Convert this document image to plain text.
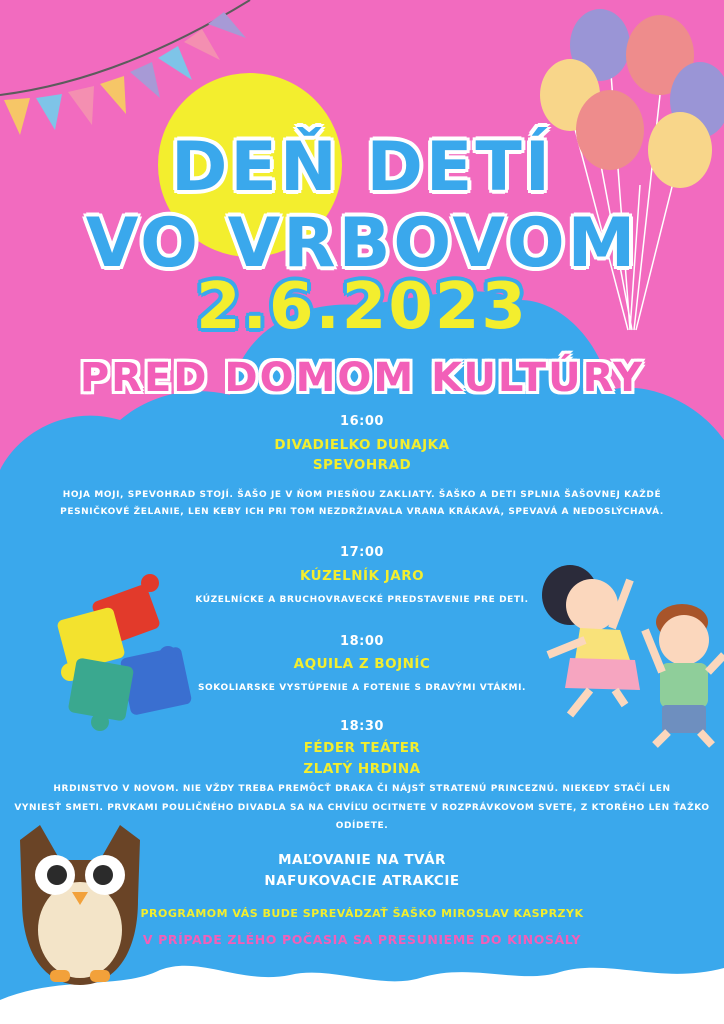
DEŇ DETÍ
VO VRBOVOM
2.6.2023
PRED DOMOM KULTÚRY
16:00
DIVADIELKO DUNAJKA
SPEVOHRAD
HOJA MOJI, SPEVOHRAD STOJÍ. ŠAŠO JE V ŇOM PIESŇOU ZAKLIATY. ŠAŠKO A DETI SPLNIA ŠAŠOVNEJ KAŽDÉ
PESNIČKOVÉ ŽELANIE, LEN KEBY ICH PRI TOM NEZDRŽIAVALA VRANA KRÁKAVÁ, SPEVAVÁ A NEDOSLÝCHAVÁ.
17:00
KÚZELNÍK JARO
KÚZELNÍCKE A BRUCHOVRAVECKÉ PREDSTAVENIE PRE DETI.
18:00
AQUILA Z BOJNÍC
SOKOLIARSKE VYSTÚPENIE A FOTENIE S DRAVÝMI VTÁKMI.
18:30
FÉDER TEÁTER
ZLATÝ HRDINA
HRDINSTVO V NOVOM. NIE VŽDY TREBA PREMÔCŤ DRAKA ČI NÁJSŤ STRATENÚ PRINCEZNÚ. NIEKEDY STAČÍ LEN
VYNIESŤ SMETI. PRVKAMI POULIČNÉHO DIVADLA SA NA CHVÍĽU OCITNETE V ROZPRÁVKOVOM SVETE, Z KTORÉHO LEN ŤAŽKO
ODÍDETE.
MAĽOVANIE NA TVÁR
NAFUKOVACIE ATRAKCIE
PROGRAMOM VÁS BUDE SPREVÁDZAŤ ŠAŠKO MIROSLAV KASPRZYK
V PRÍPADE ZLÉHO POČASIA SA PRESUNIEME DO KINOSÁLY
